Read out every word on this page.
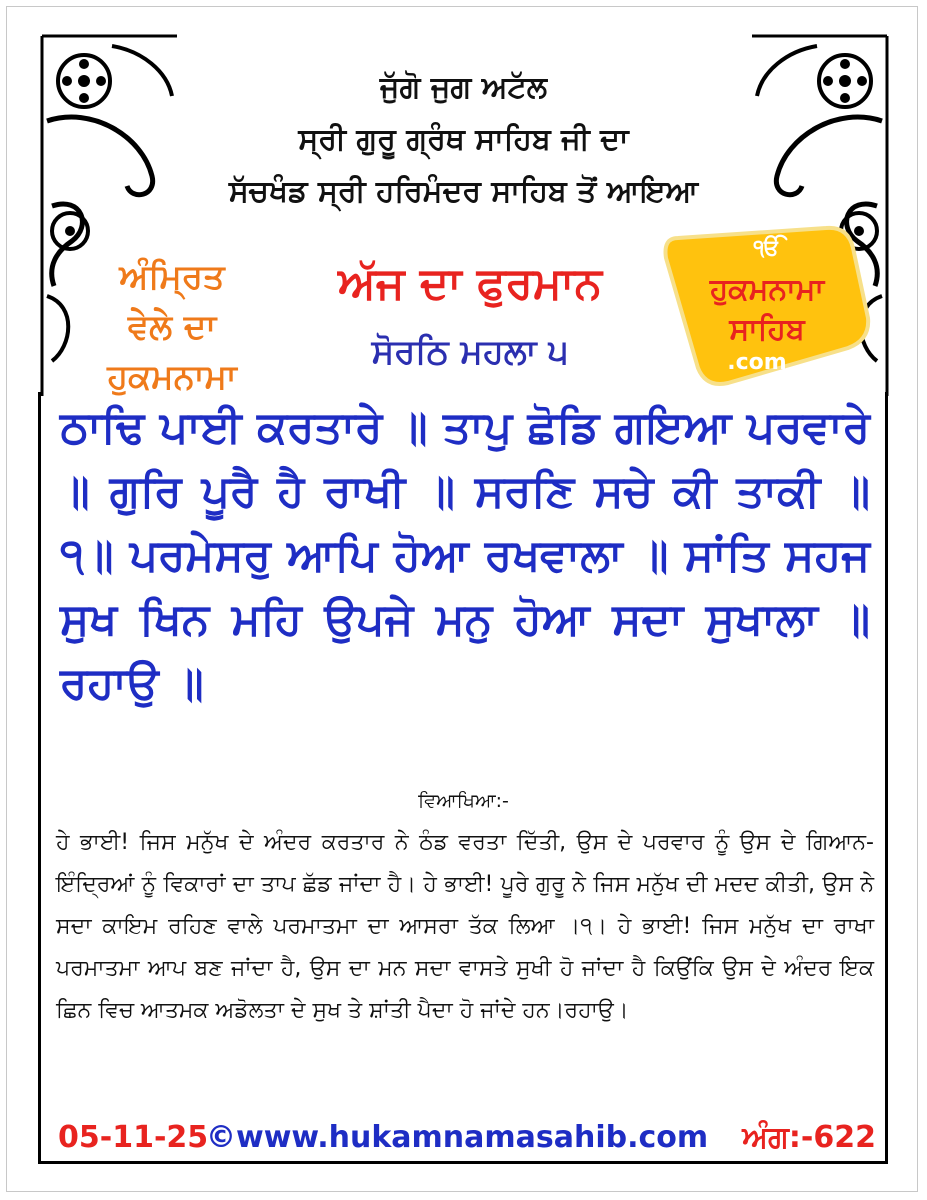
ਜੁੱਗੋ ਜੁਗ ਅਟੱਲ
ਸ੍ਰੀ ਗੁਰੂ ਗ੍ਰੰਥ ਸਾਹਿਬ ਜੀ ਦਾ
ਸੱਚਖੰਡ ਸ੍ਰੀ ਹਰਿਮੰਦਰ ਸਾਹਿਬ ਤੋਂ ਆਇਆ
ਅੰਮ੍ਰਿਤ
ਵੇਲੇ ਦਾ
ਹੁਕਮਨਾਮਾ
ਅੱਜ ਦਾ ਫੁਰਮਾਨ
ਸੋਰਠਿ ਮਹਲਾ ੫
ੴ
ਹੁਕਮਨਾਮਾ
ਸਾਹਿਬ
.com
ਠਾਢਿ ਪਾਈ ਕਰਤਾਰੇ ॥ ਤਾਪੁ ਛੋਡਿ ਗਇਆ ਪਰਵਾਰੇ ॥ ਗੁਰਿ ਪੂਰੈ ਹੈ ਰਾਖੀ ॥ ਸਰਣਿ ਸਚੇ ਕੀ ਤਾਕੀ ॥੧॥ ਪਰਮੇਸਰੁ ਆਪਿ ਹੋਆ ਰਖਵਾਲਾ ॥ ਸਾਂਤਿ ਸਹਜ ਸੁਖ ਖਿਨ ਮਹਿ ਉਪਜੇ ਮਨੁ ਹੋਆ ਸਦਾ ਸੁਖਾਲਾ ॥ ਰਹਾਉ ॥
ਵਿਆਖਿਆ:-
ਹੇ ਭਾਈ! ਜਿਸ ਮਨੁੱਖ ਦੇ ਅੰਦਰ ਕਰਤਾਰ ਨੇ ਠੰਡ ਵਰਤਾ ਦਿੱਤੀ, ਉਸ ਦੇ ਪਰਵਾਰ ਨੂੰ ਉਸ ਦੇ ਗਿਆਨ-ਇੰਦ੍ਰਿਆਂ ਨੂੰ ਵਿਕਾਰਾਂ ਦਾ ਤਾਪ ਛੱਡ ਜਾਂਦਾ ਹੈ। ਹੇ ਭਾਈ! ਪੂਰੇ ਗੁਰੂ ਨੇ ਜਿਸ ਮਨੁੱਖ ਦੀ ਮਦਦ ਕੀਤੀ, ਉਸ ਨੇ ਸਦਾ ਕਾਇਮ ਰਹਿਣ ਵਾਲੇ ਪਰਮਾਤਮਾ ਦਾ ਆਸਰਾ ਤੱਕ ਲਿਆ ।੧। ਹੇ ਭਾਈ! ਜਿਸ ਮਨੁੱਖ ਦਾ ਰਾਖਾ ਪਰਮਾਤਮਾ ਆਪ ਬਣ ਜਾਂਦਾ ਹੈ, ਉਸ ਦਾ ਮਨ ਸਦਾ ਵਾਸਤੇ ਸੁਖੀ ਹੋ ਜਾਂਦਾ ਹੈ ਕਿਉਂਕਿ ਉਸ ਦੇ ਅੰਦਰ ਇਕ ਛਿਨ ਵਿਚ ਆਤਮਕ ਅਡੋਲਤਾ ਦੇ ਸੁਖ ਤੇ ਸ਼ਾਂਤੀ ਪੈਦਾ ਹੋ ਜਾਂਦੇ ਹਨ।ਰਹਾਉ।
05-11-25
©www.hukamnamasahib.com ਅੰਗ:-622
